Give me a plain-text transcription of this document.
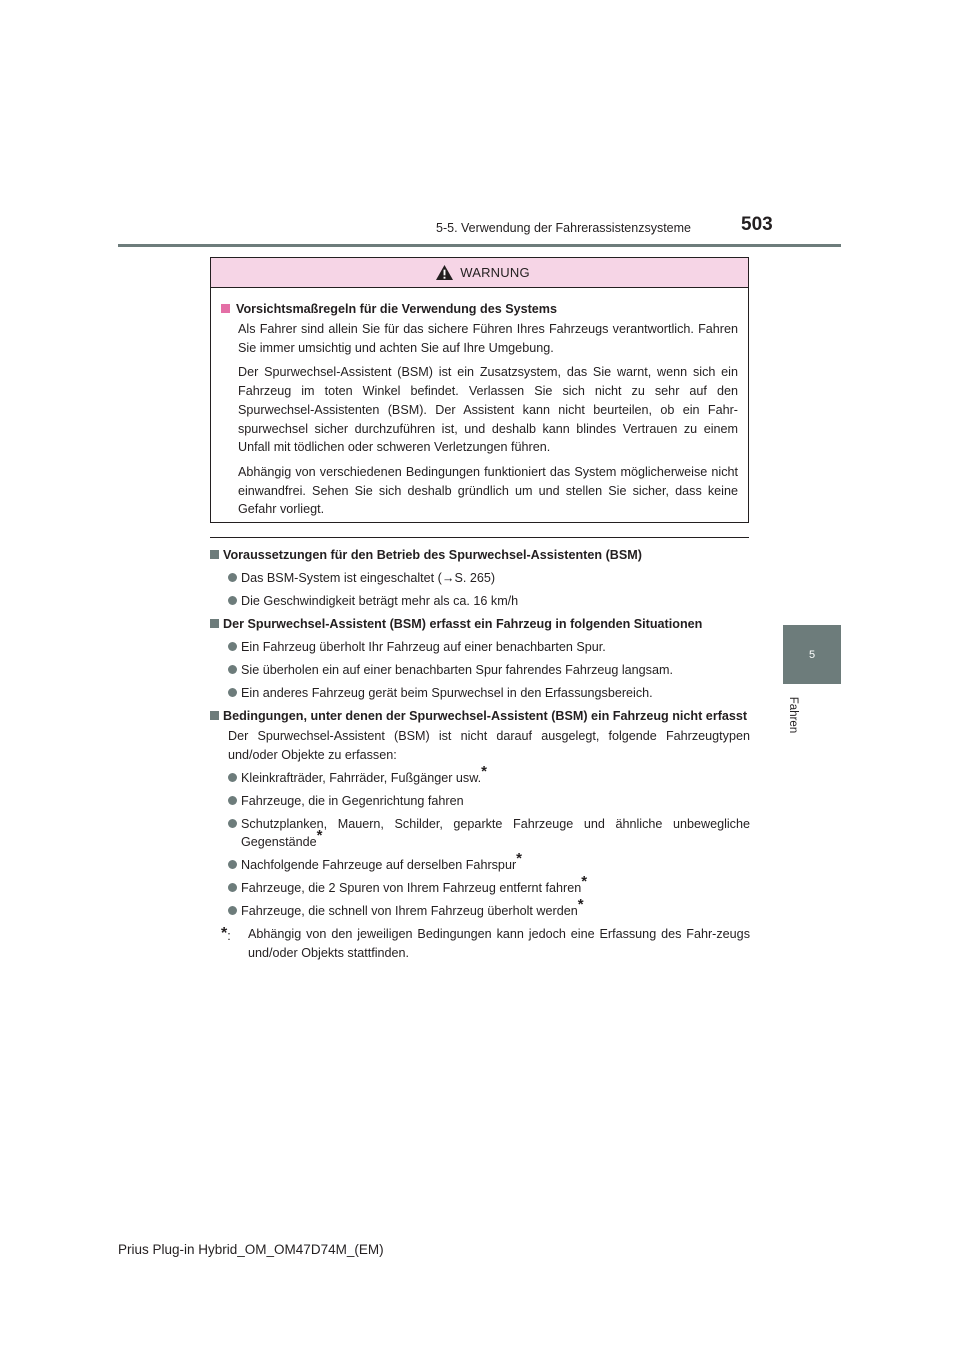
5-5. Verwendung der Fahrerassistenzsysteme	503
5
Fahren
WARNUNG
Vorsichtsmaßregeln für die Verwendung des Systems

Als Fahrer sind allein Sie für das sichere Führen Ihres Fahrzeugs verantwortlich. Fahren Sie immer umsichtig und achten Sie auf Ihre Umgebung.

Der Spurwechsel-Assistent (BSM) ist ein Zusatzsystem, das Sie warnt, wenn sich ein Fahrzeug im toten Winkel befindet. Verlassen Sie sich nicht zu sehr auf den Spurwechsel-Assistenten (BSM). Der Assistent kann nicht beurteilen, ob ein Fahr-spurwechsel sicher durchzuführen ist, und deshalb kann blindes Vertrauen zu einem Unfall mit tödlichen oder schweren Verletzungen führen.

Abhängig von verschiedenen Bedingungen funktioniert das System möglicherweise nicht einwandfrei. Sehen Sie sich deshalb gründlich um und stellen Sie sicher, dass keine Gefahr vorliegt.

Voraussetzungen für den Betrieb des Spurwechsel-Assistenten (BSM)
Das BSM-System ist eingeschaltet (→S. 265)
Die Geschwindigkeit beträgt mehr als ca. 16 km/h
Der Spurwechsel-Assistent (BSM) erfasst ein Fahrzeug in folgenden Situationen
Ein Fahrzeug überholt Ihr Fahrzeug auf einer benachbarten Spur.
Sie überholen ein auf einer benachbarten Spur fahrendes Fahrzeug langsam.
Ein anderes Fahrzeug gerät beim Spurwechsel in den Erfassungsbereich.
Bedingungen, unter denen der Spurwechsel-Assistent (BSM) ein Fahrzeug nicht erfasst

Der Spurwechsel-Assistent (BSM) ist nicht darauf ausgelegt, folgende Fahrzeugtypen und/oder Objekte zu erfassen:

Kleinkrafträder, Fahrräder, Fußgänger usw.*
Fahrzeuge, die in Gegenrichtung fahren
Schutzplanken, Mauern, Schilder, geparkte Fahrzeuge und ähnliche unbewegliche Gegenstände*
Nachfolgende Fahrzeuge auf derselben Fahrspur*
Fahrzeuge, die 2 Spuren von Ihrem Fahrzeug entfernt fahren*
Fahrzeuge, die schnell von Ihrem Fahrzeug überholt werden*
*:	Abhängig von den jeweiligen Bedingungen kann jedoch eine Erfassung des Fahr-zeugs und/oder Objekts stattfinden.
Prius Plug-in Hybrid_OM_OM47D74M_(EM)
